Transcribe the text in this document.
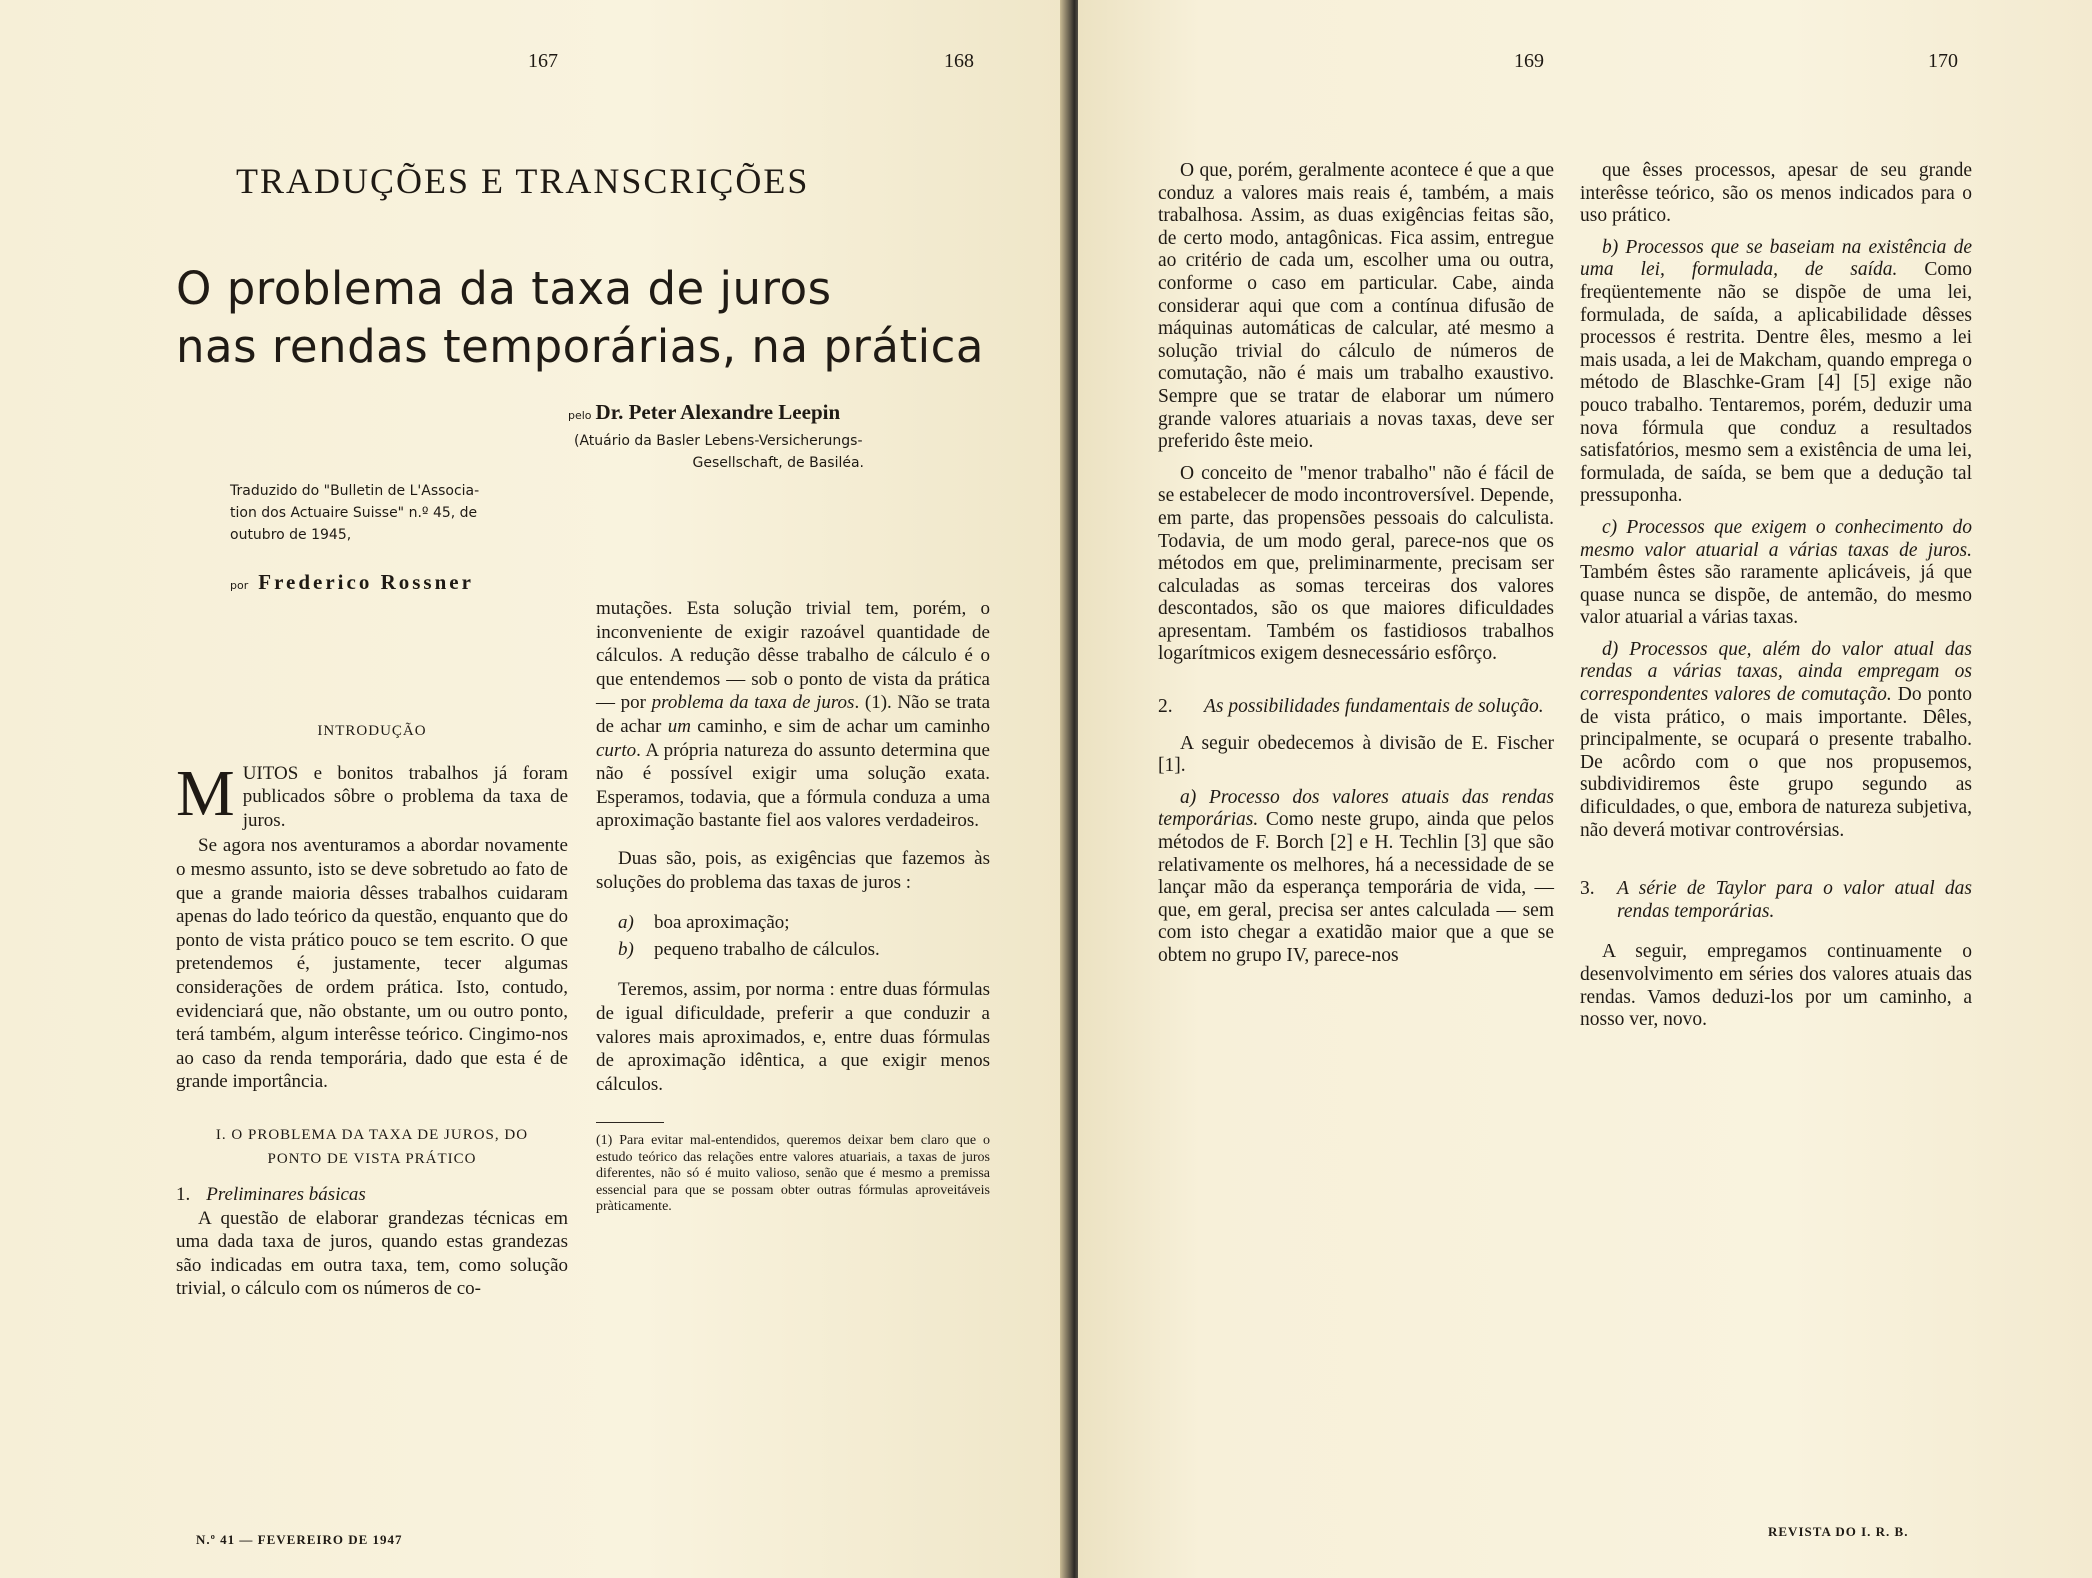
167	168
TRADUÇÕES E TRANSCRIÇÕES
O problema da taxa de juros
nas rendas temporárias, na prática
pelo Dr. Peter Alexandre Leepin
(Atuário da Basler Lebens-Versicherungs-
Gesellschaft, de Basiléa.
Traduzido do "Bulletin de L'Associa-
tion dos Actuaire Suisse" n.º 45, de
outubro de 1945,
por Frederico Rossner
INTRODUÇÃO
M UITOS e bonitos trabalhos já foram publicados sôbre o problema da taxa de juros.

Se agora nos aventuramos a abordar novamente o mesmo assunto, isto se deve sobretudo ao fato de que a grande maioria dêsses trabalhos cuidaram apenas do lado teórico da questão, enquanto que do ponto de vista prático pouco se tem escrito. O que pretendemos é, justamente, tecer algumas considerações de ordem prática. Isto, contudo, evidenciará que, não obstante, um ou outro ponto, terá também, algum interêsse teórico. Cingimo-nos ao caso da renda temporária, dado que esta é de grande importância.

I. O PROBLEMA DA TAXA DE JUROS, DO
PONTO DE VISTA PRÁTICO
1. Preliminares básicas

A questão de elaborar grandezas técnicas em uma dada taxa de juros, quando estas grandezas são indicadas em outra taxa, tem, como solução trivial, o cálculo com os números de co-

mutações. Esta solução trivial tem, porém, o inconveniente de exigir razoável quantidade de cálculos. A redução dêsse trabalho de cálculo é o que entendemos — sob o ponto de vista da prática — por problema da taxa de juros. (1). Não se trata de achar um caminho, e sim de achar um caminho curto. A própria natureza do assunto determina que não é possível exigir uma solução exata. Esperamos, todavia, que a fórmula conduza a uma aproximação bastante fiel aos valores verdadeiros.

Duas são, pois, as exigências que fazemos às soluções do problema das taxas de juros :

a)	boa aproximação;
b)	pequeno trabalho de cálculos.

Teremos, assim, por norma : entre duas fórmulas de igual dificuldade, preferir a que conduzir a valores mais aproximados, e, entre duas fórmulas de aproximação idêntica, a que exigir menos cálculos.

(1) Para evitar mal-entendidos, queremos deixar bem claro que o estudo teórico das relações entre valores atuariais, a taxas de juros diferentes, não só é muito valioso, senão que é mesmo a premissa essencial para que se possam obter outras fórmulas aproveitáveis pràticamente.
N.º 41 — FEVEREIRO DE 1947
169	170

O que, porém, geralmente acontece é que a que conduz a valores mais reais é, também, a mais trabalhosa. Assim, as duas exigências feitas são, de certo modo, antagônicas. Fica assim, entregue ao critério de cada um, escolher uma ou outra, conforme o caso em particular. Cabe, ainda considerar aqui que com a contínua difusão de máquinas automáticas de calcular, até mesmo a solução trivial do cálculo de números de comutação, não é mais um trabalho exaustivo. Sempre que se tratar de elaborar um número grande valores atuariais a novas taxas, deve ser preferido êste meio.

O conceito de "menor trabalho" não é fácil de se estabelecer de modo incontroversível. Depende, em parte, das propensões pessoais do calculista. Todavia, de um modo geral, parece-nos que os métodos em que, preliminarmente, precisam ser calculadas as somas terceiras dos valores descontados, são os que maiores dificuldades apresentam. Também os fastidiosos trabalhos logarítmicos exigem desnecessário esfôrço.

2.	As possibilidades fundamentais de solução.

A seguir obedecemos à divisão de E. Fischer [1].

a) Processo dos valores atuais das rendas temporárias. Como neste grupo, ainda que pelos métodos de F. Borch [2] e H. Techlin [3] que são relativamente os melhores, há a necessidade de se lançar mão da esperança temporária de vida, — que, em geral, precisa ser antes calculada — sem com isto chegar a exatidão maior que a que se obtem no grupo IV, parece-nos

que êsses processos, apesar de seu grande interêsse teórico, são os menos indicados para o uso prático.

b) Processos que se baseiam na existência de uma lei, formulada, de saída. Como freqüentemente não se dispõe de uma lei, formulada, de saída, a aplicabilidade dêsses processos é restrita. Dentre êles, mesmo a lei mais usada, a lei de Makcham, quando emprega o método de Blaschke-Gram [4] [5] exige não pouco trabalho. Tentaremos, porém, deduzir uma nova fórmula que conduz a resultados satisfatórios, mesmo sem a existência de uma lei, formulada, de saída, se bem que a dedução tal pressuponha.

c) Processos que exigem o conhecimento do mesmo valor atuarial a várias taxas de juros. Também êstes são raramente aplicáveis, já que quase nunca se dispõe, de antemão, do mesmo valor atuarial a várias taxas.

d) Processos que, além do valor atual das rendas a várias taxas, ainda empregam os correspondentes valores de comutação. Do ponto de vista prático, o mais importante. Dêles, principalmente, se ocupará o presente trabalho. De acôrdo com o que nos propusemos, subdividiremos êste grupo segundo as dificuldades, o que, embora de natureza subjetiva, não deverá motivar controvérsias.

3.	A série de Taylor para o valor atual das rendas temporárias.

A seguir, empregamos continuamente o desenvolvimento em séries dos valores atuais das rendas. Vamos deduzi-los por um caminho, a nosso ver, novo.

REVISTA DO I. R. B.
